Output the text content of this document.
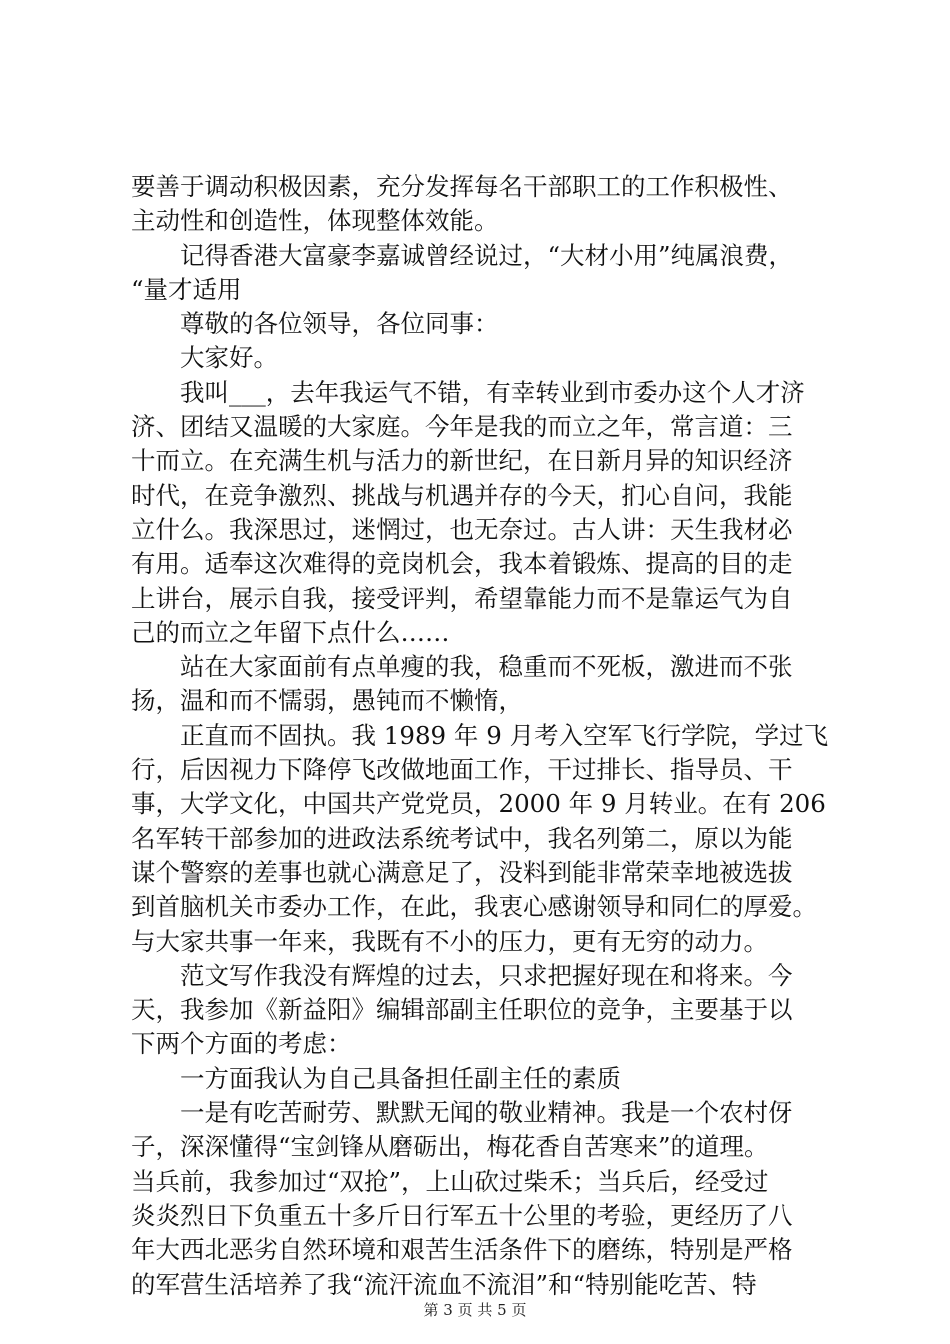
要善于调动积极因素，充分发挥每名干部职工的工作积极性、
主动性和创造性，体现整体效能。
　　记得香港大富豪李嘉诚曾经说过，“大材小用”纯属浪费，
“量才适用
　　尊敬的各位领导，各位同事：
　　大家好。
　　我叫___，去年我运气不错，有幸转业到市委办这个人才济
济、团结又温暖的大家庭。今年是我的而立之年，常言道：三
十而立。在充满生机与活力的新世纪，在日新月异的知识经济
时代，在竞争激烈、挑战与机遇并存的今天，扪心自问，我能
立什么。我深思过，迷惘过，也无奈过。古人讲：天生我材必
有用。适奉这次难得的竞岗机会，我本着锻炼、提高的目的走
上讲台，展示自我，接受评判，希望靠能力而不是靠运气为自
己的而立之年留下点什么……
　　站在大家面前有点单瘦的我，稳重而不死板，激进而不张
扬，温和而不懦弱，愚钝而不懒惰，
　　正直而不固执。我 1989 年 9 月考入空军飞行学院，学过飞
行，后因视力下降停飞改做地面工作，干过排长、指导员、干
事，大学文化，中国共产党党员，2000 年 9 月转业。在有 206
名军转干部参加的进政法系统考试中，我名列第二，原以为能
谋个警察的差事也就心满意足了，没料到能非常荣幸地被选拔
到首脑机关市委办工作，在此，我衷心感谢领导和同仁的厚爱。
与大家共事一年来，我既有不小的压力，更有无穷的动力。
　　范文写作我没有辉煌的过去，只求把握好现在和将来。今
天，我参加《新益阳》编辑部副主任职位的竞争，主要基于以
下两个方面的考虑：
　　一方面我认为自己具备担任副主任的素质
　　一是有吃苦耐劳、默默无闻的敬业精神。我是一个农村伢
子，深深懂得“宝剑锋从磨砺出，梅花香自苦寒来”的道理。
当兵前，我参加过“双抢”，上山砍过柴禾；当兵后，经受过
炎炎烈日下负重五十多斤日行军五十公里的考验，更经历了八
年大西北恶劣自然环境和艰苦生活条件下的磨练，特别是严格
的军营生活培养了我“流汗流血不流泪”和“特别能吃苦、特
第 3 页 共 5 页
